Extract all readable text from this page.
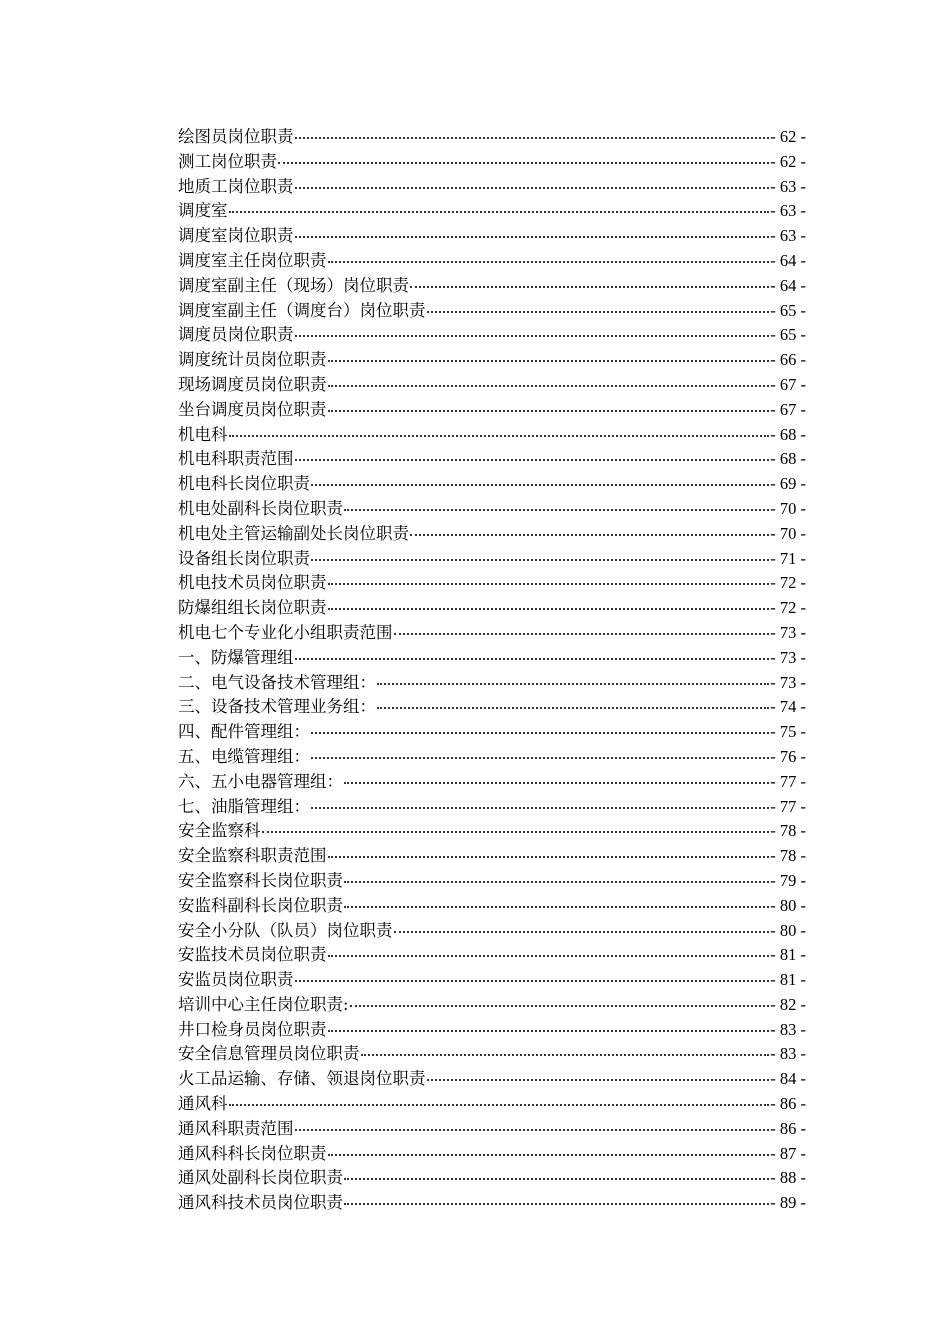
绘图员岗位职责	- 62 -
测工岗位职责	- 62 -
地质工岗位职责	- 63 -
调度室	- 63 -
调度室岗位职责	- 63 -
调度室主任岗位职责	- 64 -
调度室副主任（现场）岗位职责	- 64 -
调度室副主任（调度台）岗位职责	- 65 -
调度员岗位职责	- 65 -
调度统计员岗位职责	- 66 -
现场调度员岗位职责	- 67 -
坐台调度员岗位职责	- 67 -
机电科	- 68 -
机电科职责范围	- 68 -
机电科长岗位职责	- 69 -
机电处副科长岗位职责	- 70 -
机电处主管运输副处长岗位职责	- 70 -
设备组长岗位职责	- 71 -
机电技术员岗位职责	- 72 -
防爆组组长岗位职责	- 72 -
机电七个专业化小组职责范围	- 73 -
一、防爆管理组	- 73 -
二、电气设备技术管理组：	- 73 -
三、设备技术管理业务组：	- 74 -
四、配件管理组：	- 75 -
五、电缆管理组：	- 76 -
六、五小电器管理组：	- 77 -
七、油脂管理组：	- 77 -
安全监察科	- 78 -
安全监察科职责范围	- 78 -
安全监察科长岗位职责	- 79 -
安监科副科长岗位职责	- 80 -
安全小分队（队员）岗位职责	- 80 -
安监技术员岗位职责	- 81 -
安监员岗位职责	- 81 -
培训中心主任岗位职责:	- 82 -
井口检身员岗位职责	- 83 -
安全信息管理员岗位职责	- 83 -
火工品运输、存储、领退岗位职责	- 84 -
通风科	- 86 -
通风科职责范围	- 86 -
通风科科长岗位职责	- 87 -
通风处副科长岗位职责	- 88 -
通风科技术员岗位职责	- 89 -
